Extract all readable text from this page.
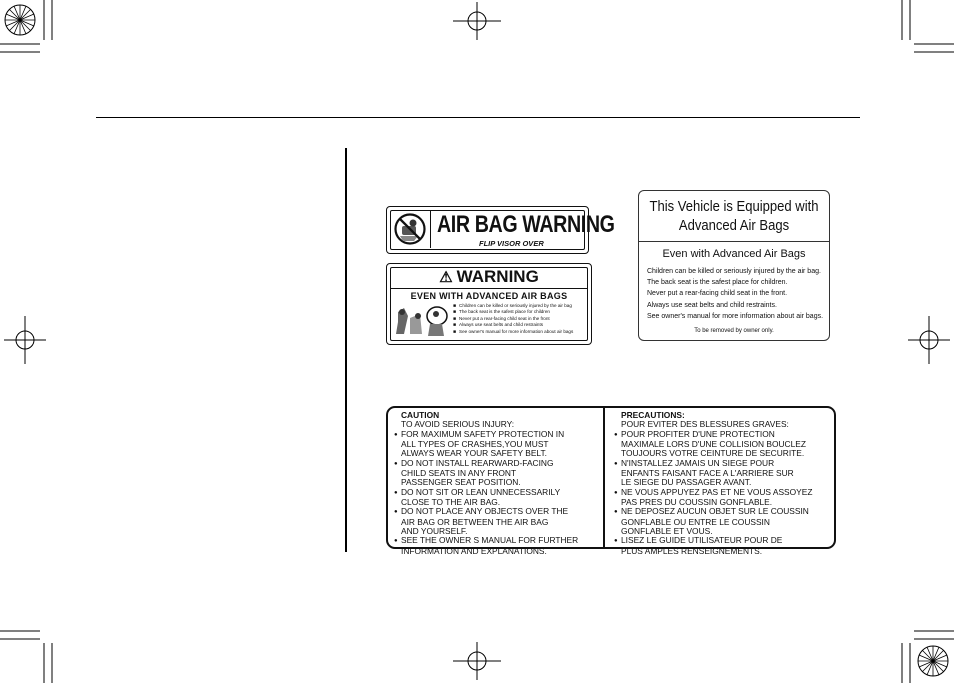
AIR BAG WARNING
FLIP VISOR OVER
⚠ WARNING
EVEN WITH ADVANCED AIR BAGS
■ Children can be killed or seriously injured by the air bag
■ The back seat is the safest place for children
■ Never put a rear-facing child seat in the front
■ Always use seat belts and child restraints
■ See owner's manual for more information about air bags
This Vehicle is Equipped with
Advanced Air Bags
Even with Advanced Air Bags
Children can be killed or seriously injured by the air bag.
The back seat is the safest place for children.
Never put a rear-facing child seat in the front.
Always use seat belts and child restraints.
See owner's manual for more information about air bags.
To be removed by owner only.
CAUTION
TO AVOID SERIOUS INJURY:
● FOR MAXIMUM SAFETY PROTECTION IN
ALL TYPES OF CRASHES,YOU MUST
ALWAYS WEAR YOUR SAFETY BELT.
● DO NOT INSTALL REARWARD-FACING
CHILD SEATS IN ANY FRONT
PASSENGER SEAT POSITION.
● DO NOT SIT OR LEAN UNNECESSARILY
CLOSE TO THE AIR BAG.
● DO NOT PLACE ANY OBJECTS OVER THE
AIR BAG OR BETWEEN THE AIR BAG
AND YOURSELF.
● SEE THE OWNER S MANUAL FOR FURTHER
INFORMATION AND EXPLANATIONS.
PRECAUTIONS:
POUR EVITER DES BLESSURES GRAVES:
● POUR PROFITER D'UNE PROTECTION
MAXIMALE LORS D'UNE COLLISION BOUCLEZ
TOUJOURS VOTRE CEINTURE DE SECURITE.
● N'INSTALLEZ JAMAIS UN SIEGE POUR
ENFANTS FAISANT FACE A L'ARRIERE SUR
LE SIEGE DU PASSAGER AVANT.
● NE VOUS APPUYEZ PAS ET NE VOUS ASSOYEZ
PAS PRES DU COUSSIN GONFLABLE.
● NE DEPOSEZ AUCUN OBJET SUR LE COUSSIN
GONFLABLE OU ENTRE LE COUSSIN
GONFLABLE ET VOUS.
● LISEZ LE GUIDE UTILISATEUR POUR DE
PLUS AMPLES RENSEIGNEMENTS.
